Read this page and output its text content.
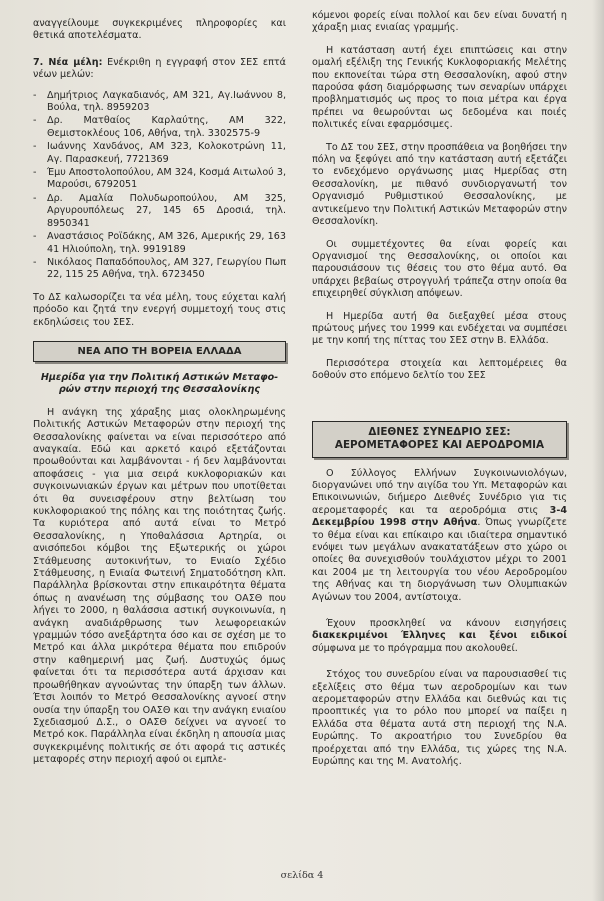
αναγγείλουμε συγκεκριμένες πληροφορίες και θετικά αποτελέσματα.

7. Νέα μέλη: Ενέκριθη η εγγραφή στον ΣΕΣ επτά νέων μελών:

- Δημήτριος Λαγκαδιανός, ΑΜ 321, Αγ.Ιωάννου 8, Βούλα, τηλ. 8959203
- Δρ. Ματθαίος Καρλαύτης, ΑΜ 322, Θεμιστοκλέους 106, Αθήνα, τηλ. 3302575-9
- Ιωάννης Χανδάνος, ΑΜ 323, Κολοκοτρώνη 11, Αγ. Παρασκευή, 7721369
- Έμυ Αποστολοπούλου, ΑΜ 324, Κοσμά Αιτωλού 3, Μαρούσι, 6792051
- Δρ. Αμαλία Πολυδωροπούλου, ΑΜ 325, Αργυρουπόλεως 27, 145 65 Δροσιά, τηλ. 8950341
- Αναστάσιος Ροϊδάκης, ΑΜ 326, Αμερικής 29, 163 41 Ηλιούπολη, τηλ. 9919189
- Νικόλαος Παπαδόπουλος, ΑΜ 327, Γεωργίου Πωπ 22, 115 25 Αθήνα, τηλ. 6723450

Το ΔΣ καλωσορίζει τα νέα μέλη, τους εύχεται καλή πρόοδο και ζητά την ενεργή συμμετοχή τους στις εκδηλώσεις του ΣΕΣ.

ΝΕΑ ΑΠΟ ΤΗ ΒΟΡΕΙΑ ΕΛΛΑΔΑ

Ημερίδα για την Πολιτική Αστικών Μεταφο-
ρών στην περιοχή της Θεσσαλονίκης

Η ανάγκη της χάραξης μιας ολοκληρωμένης Πολιτικής Αστικών Μεταφορών στην περιοχή της Θεσσαλονίκης φαίνεται να είναι περισσότερο από αναγκαία. Εδώ και αρκετό καιρό εξετάζονται προωθούνται και λαμβάνονται - ή δεν λαμβάνονται αποφάσεις - για μια σειρά κυκλοφοριακών και συγκοινωνιακών έργων και μέτρων που υποτίθεται ότι θα συνεισφέρουν στην βελτίωση του κυκλοφοριακού της πόλης και της ποιότητας ζωής. Τα κυριότερα από αυτά είναι το Μετρό Θεσσαλονίκης, η Υποθαλάσσια Αρτηρία, οι ανισόπεδοι κόμβοι της Εξωτερικής οι χώροι Στάθμευσης αυτοκινήτων, το Ενιαίο Σχέδιο Στάθμευσης, η Ενιαία Φωτεινή Σηματοδότηση κλπ. Παράλληλα βρίσκονται στην επικαιρότητα θέματα όπως η ανανέωση της σύμβασης του ΟΑΣΘ που λήγει το 2000, η θαλάσσια αστική συγκοινωνία, η ανάγκη αναδιάρθρωσης των λεωφορειακών γραμμών τόσο ανεξάρτητα όσο και σε σχέση με το Μετρό και άλλα μικρότερα θέματα που επιδρούν στην καθημερινή μας ζωή. Δυστυχώς όμως φαίνεται ότι τα περισσότερα αυτά άρχισαν και προωθήθηκαν αγνοώντας την ύπαρξη των άλλων. Έτσι λοιπόν το Μετρό Θεσσαλονίκης αγνοεί στην ουσία την ύπαρξη του ΟΑΣΘ και την ανάγκη ενιαίου Σχεδιασμού Δ.Σ., ο ΟΑΣΘ δείχνει να αγνοεί το Μετρό κοκ. Παράλληλα είναι έκδηλη η απουσία μιας συγκεκριμένης πολιτικής σε ότι αφορά τις αστικές μεταφορές στην περιοχή αφού οι εμπλε-

κόμενοι φορείς είναι πολλοί και δεν είναι δυνατή η χάραξη μιας ενιαίας γραμμής.

Η κατάσταση αυτή έχει επιπτώσεις και στην ομαλή εξέλιξη της Γενικής Κυκλοφοριακής Μελέτης που εκπονείται τώρα στη Θεσσαλονίκη, αφού στην παρούσα φάση διαμόρφωσης των σεναρίων υπάρχει προβληματισμός ως προς το ποια μέτρα και έργα πρέπει να θεωρούνται ως δεδομένα και ποιές πολιτικές είναι εφαρμόσιμες.

Το ΔΣ του ΣΕΣ, στην προσπάθεια να βοηθήσει την πόλη να ξεφύγει από την κατάσταση αυτή εξετάζει το ενδεχόμενο οργάνωσης μιας Ημερίδας στη Θεσσαλονίκη, με πιθανό συνδιοργανωτή τον Οργανισμό Ρυθμιστικού Θεσσαλονίκης, με αντικείμενο την Πολιτική Αστικών Μεταφορών στην Θεσσαλονίκη.

Οι συμμετέχοντες θα είναι φορείς και Οργανισμοί της Θεσσαλονίκης, οι οποίοι και παρουσιάσουν τις θέσεις του στο θέμα αυτό. Θα υπάρχει βεβαίως στρογγυλή τράπεζα στην οποία θα επιχειρηθεί σύγκλιση απόψεων.

Η Ημερίδα αυτή θα διεξαχθεί μέσα στους πρώτους μήνες του 1999 και ενδέχεται να συμπέσει με την κοπή της πίττας του ΣΕΣ στην Β. Ελλάδα.

Περισσότερα στοιχεία και λεπτομέρειες θα δοθούν στο επόμενο δελτίο του ΣΕΣ

ΔΙΕΘΝΕΣ ΣΥΝΕΔΡΙΟ ΣΕΣ:
ΑΕΡΟΜΕΤΑΦΟΡΕΣ ΚΑΙ ΑΕΡΟΔΡΟΜΙΑ

Ο Σύλλογος Ελλήνων Συγκοινωνιολόγων, διοργανώνει υπό την αιγίδα του Υπ. Μεταφορών και Επικοινωνιών, διήμερο Διεθνές Συνέδριο για τις αερομεταφορές και τα αεροδρόμια στις 3-4 Δεκεμβρίου 1998 στην Αθήνα. Όπως γνωρίζετε το θέμα είναι και επίκαιρο και ιδιαίτερα σημαντικό ενόψει των μεγάλων ανακατατάξεων στο χώρο οι οποίες θα συνεχισθούν τουλάχιστον μέχρι το 2001 και 2004 με τη λειτουργία του νέου Αεροδρομίου της Αθήνας και τη διοργάνωση των Ολυμπιακών Αγώνων του 2004, αντίστοιχα.

Έχουν προσκληθεί να κάνουν εισηγήσεις διακεκριμένοι Έλληνες και ξένοι ειδικοί σύμφωνα με το πρόγραμμα που ακολουθεί.

Στόχος του συνεδρίου είναι να παρουσιασθεί τις εξελίξεις στο θέμα των αεροδρομίων και των αερομεταφορών στην Ελλάδα και διεθνώς και τις προοπτικές για το ρόλο που μπορεί να παίξει η Ελλάδα στα θέματα αυτά στη περιοχή της Ν.Α. Ευρώπης. Το ακροατήριο του Συνεδρίου θα προέρχεται από την Ελλάδα, τις χώρες της Ν.Α. Ευρώπης και της Μ. Ανατολής.

σελίδα 4
